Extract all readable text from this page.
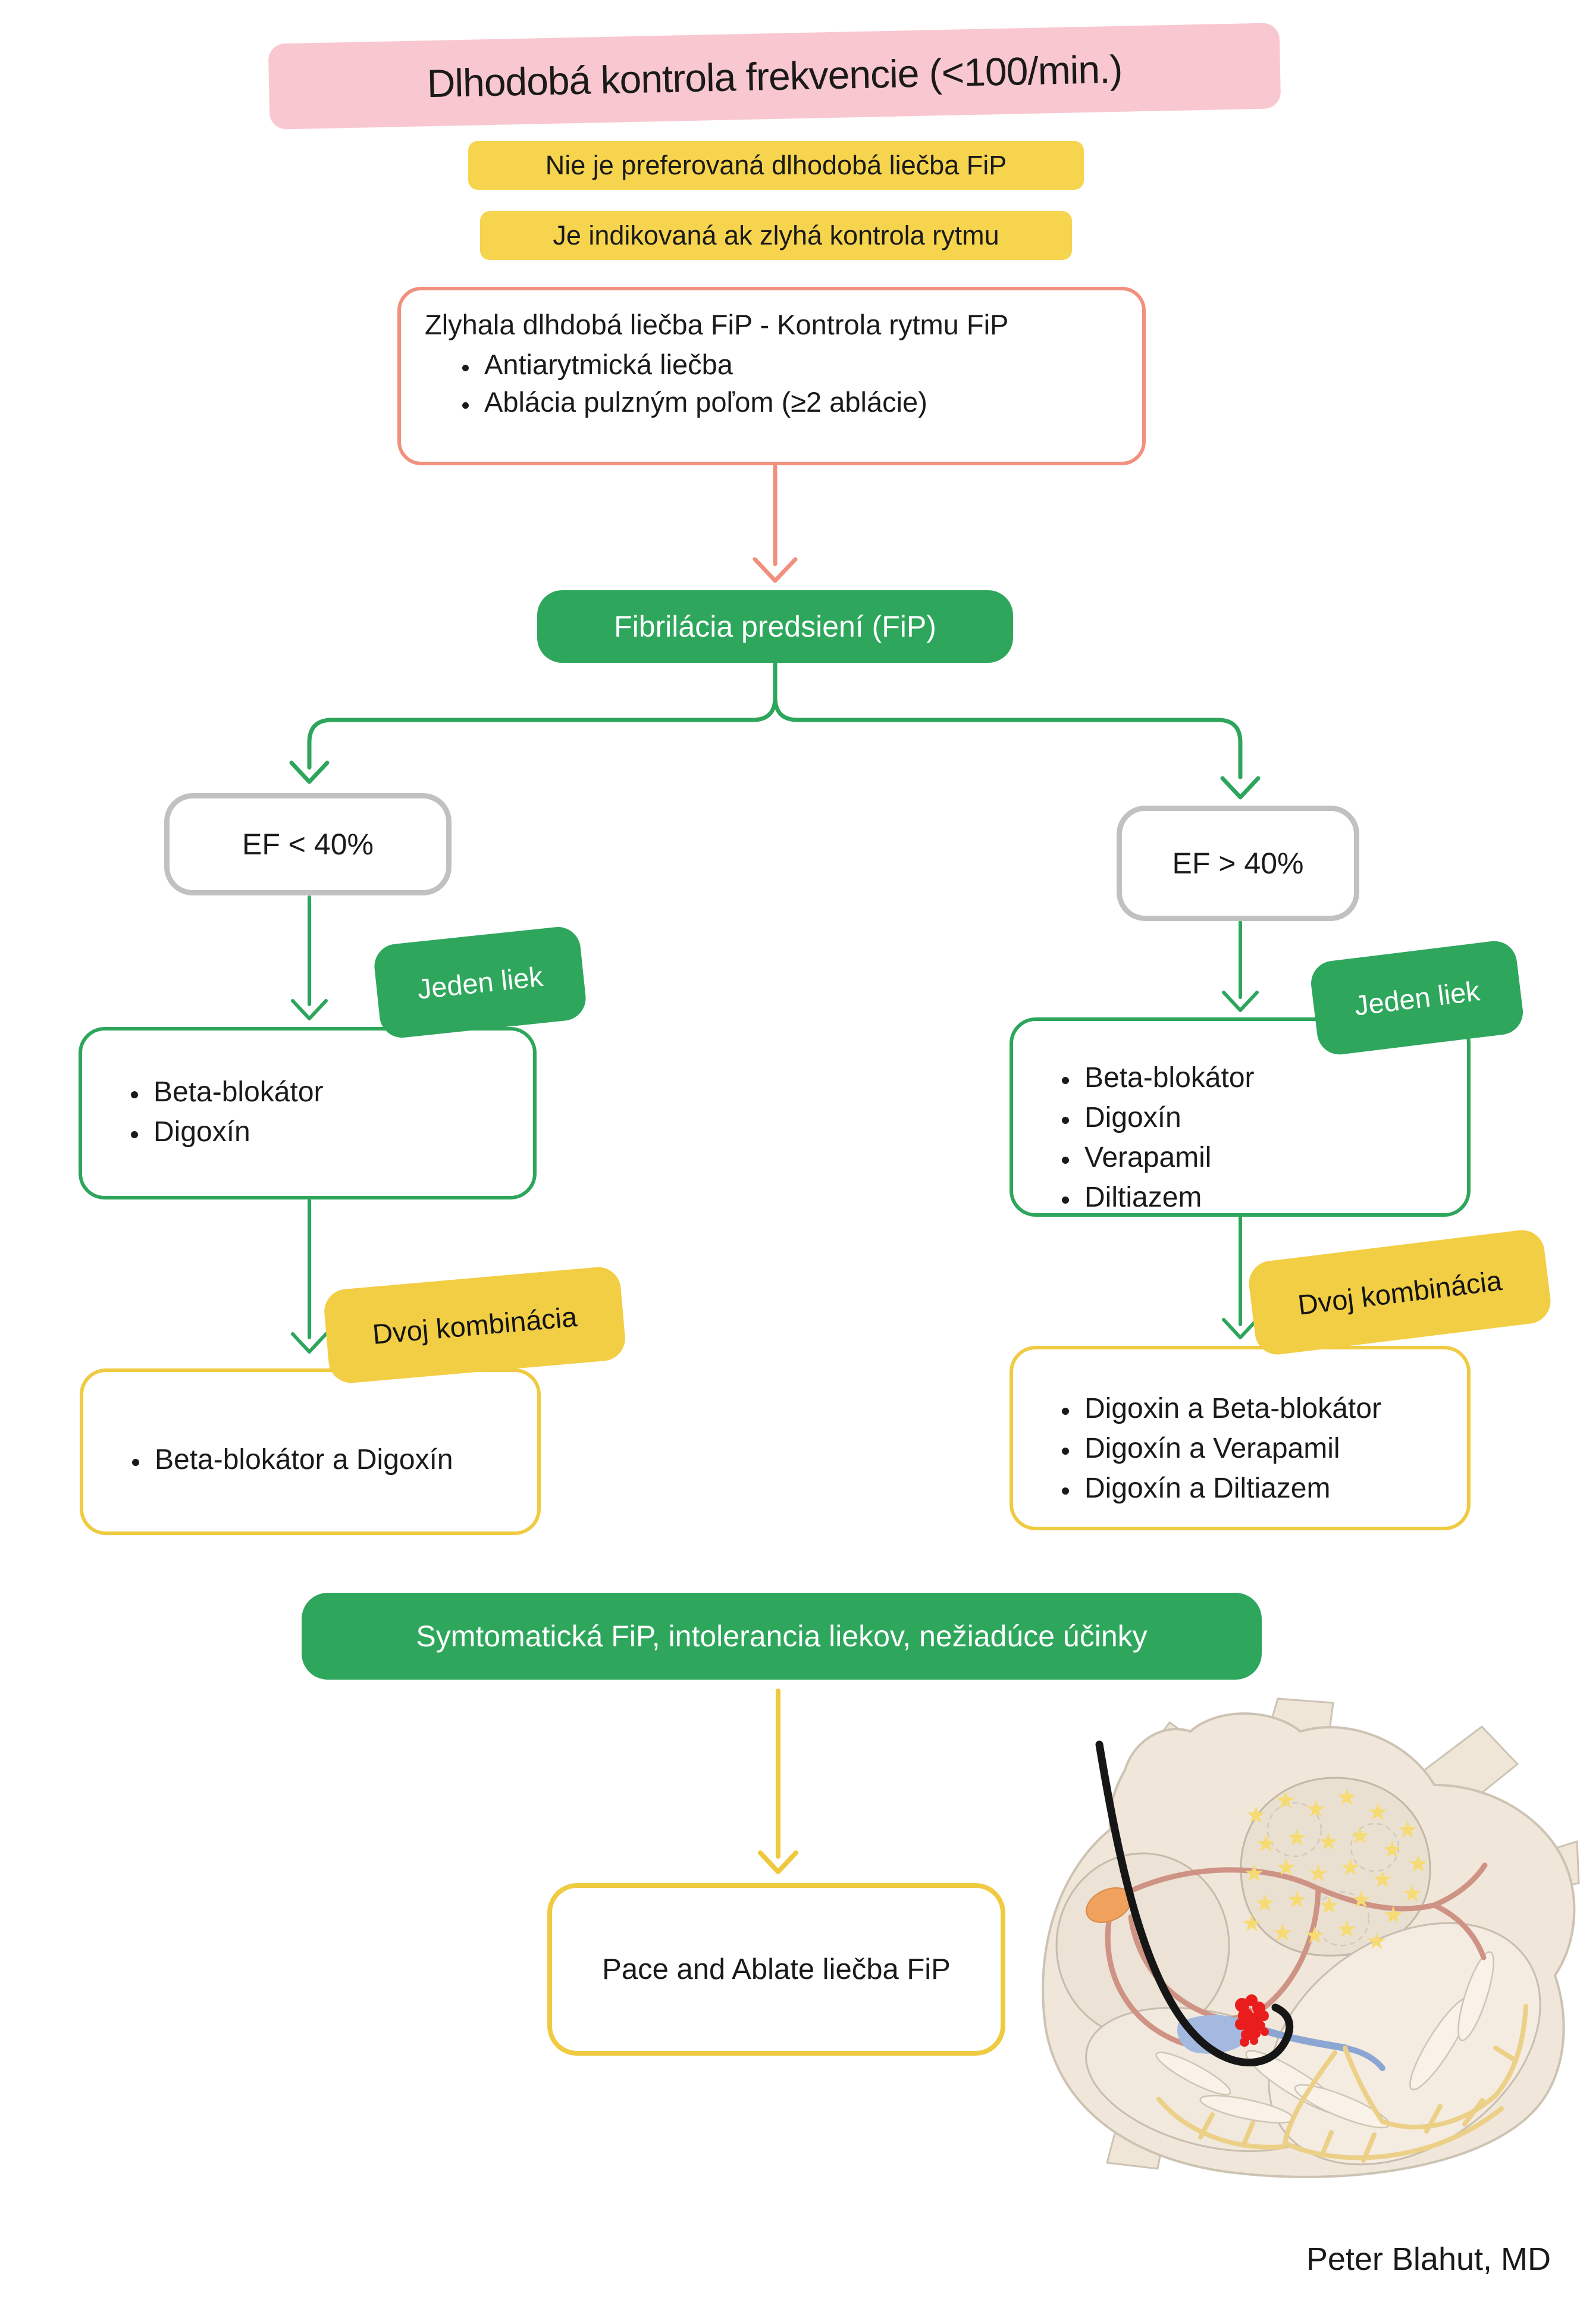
Dlhodobá kontrola frekvencie (<100/min.)
Nie je preferovaná dlhodobá liečba FiP
Je indikovaná ak zlyhá kontrola rytmu
Zlyhala dlhdobá liečba FiP - Kontrola rytmu FiP
• Antiarytmická liečba
• Ablácia pulzným poľom (≥2 ablácie)
Fibrilácia predsiení (FiP)
EF < 40%
EF > 40%
• Beta-blokátor
• Digoxín
Jeden liek
• Beta-blokátor
• Digoxín
• Verapamil
• Diltiazem
Jeden liek
• Beta-blokátor a Digoxín
Dvoj kombinácia
• Digoxin a Beta-blokátor
• Digoxín a Verapamil
• Digoxín a Diltiazem
Dvoj kombinácia
Symtomatická FiP, intolerancia liekov, nežiadúce účinky
Pace and Ablate liečba FiP
★
★ ★ ★
★
★
★ ★ ★ ★ ★
★
★ ★ ★ ★ ★
★
★ ★ ★ ★
★
★ ★ ★ ★
★
Peter Blahut, MD
